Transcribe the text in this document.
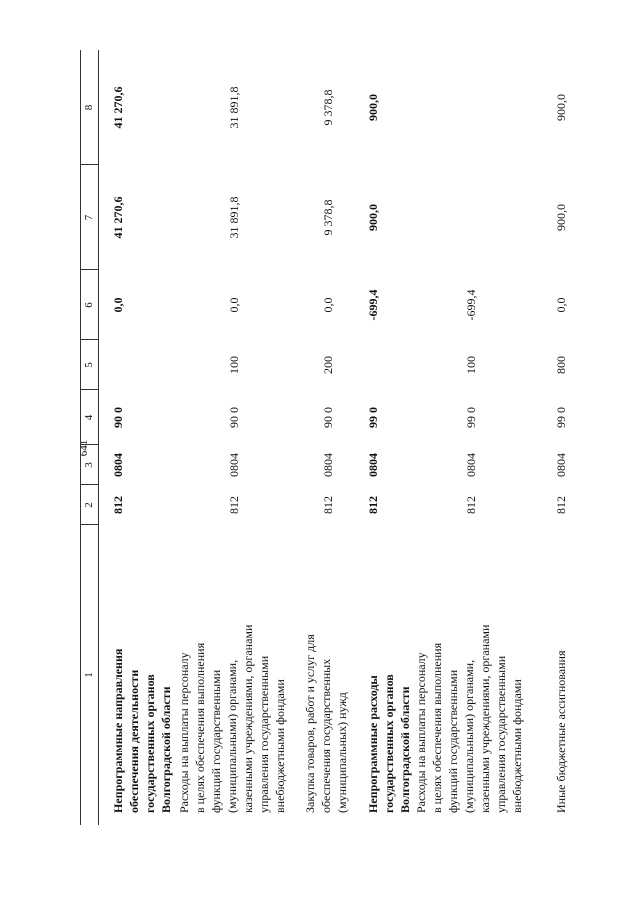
641
1
2
3
4
5
6
7
8
Непрограммные направления
обеспечения деятельности
государственных органов
Волгоградской области
812
0804
90 0
0,0
41 270,6
41 270,6
Расходы на выплаты персоналу
в целях обеспечения выполнения
функций государственными
(муниципальными) органами,
казенными учреждениями, органами
управления государственными
внебюджетными фондами
812
0804
90 0
100
0,0
31 891,8
31 891,8
Закупка товаров, работ и услуг для
обеспечения государственных
(муниципальных) нужд
812
0804
90 0
200
0,0
9 378,8
9 378,8
Непрограммные расходы
государственных органов
Волгоградской области
812
0804
99 0
-699,4
900,0
900,0
Расходы на выплаты персоналу
в целях обеспечения выполнения
функций государственными
(муниципальными) органами,
казенными учреждениями, органами
управления государственными
внебюджетными фондами
812
0804
99 0
100
-699,4
Иные бюджетные ассигнования
812
0804
99 0
800
0,0
900,0
900,0
